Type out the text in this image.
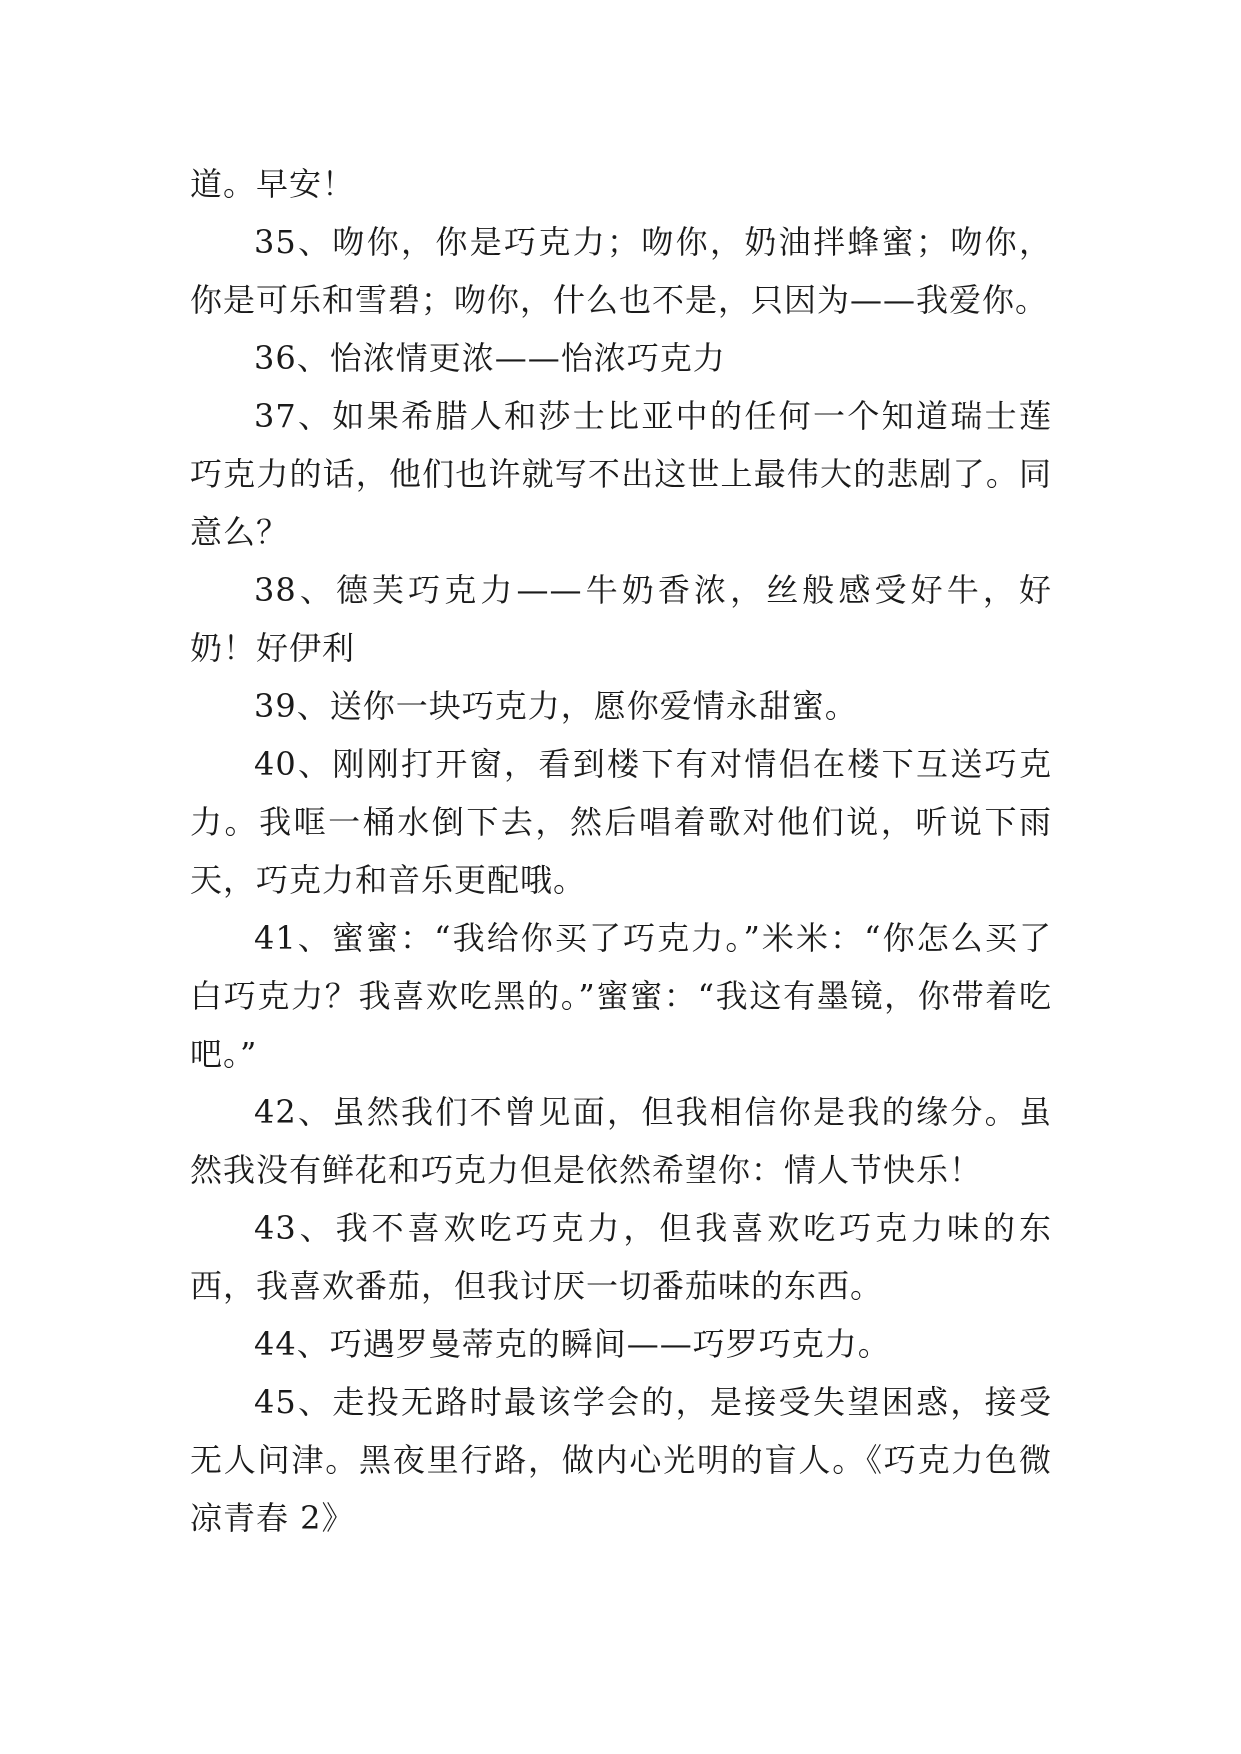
道。早安！

35、吻你，你是巧克力；吻你，奶油拌蜂蜜；吻你，你是可乐和雪碧；吻你，什么也不是，只因为——我爱你。

36、怡浓情更浓——怡浓巧克力

37、如果希腊人和莎士比亚中的任何一个知道瑞士莲巧克力的话，他们也许就写不出这世上最伟大的悲剧了。同意么？

38、德芙巧克力——牛奶香浓，丝般感受好牛，好奶！好伊利

39、送你一块巧克力，愿你爱情永甜蜜。

40、刚刚打开窗，看到楼下有对情侣在楼下互送巧克力。我哐一桶水倒下去，然后唱着歌对他们说，听说下雨天，巧克力和音乐更配哦。

41、蜜蜜：“我给你买了巧克力。”米米：“你怎么买了白巧克力？我喜欢吃黑的。”蜜蜜：“我这有墨镜，你带着吃吧。”

42、虽然我们不曾见面，但我相信你是我的缘分。虽然我没有鲜花和巧克力但是依然希望你：情人节快乐！

43、我不喜欢吃巧克力，但我喜欢吃巧克力味的东西，我喜欢番茄，但我讨厌一切番茄味的东西。

44、巧遇罗曼蒂克的瞬间——巧罗巧克力。

45、走投无路时最该学会的，是接受失望困惑，接受无人问津。黑夜里行路，做内心光明的盲人。《巧克力色微凉青春 2》
